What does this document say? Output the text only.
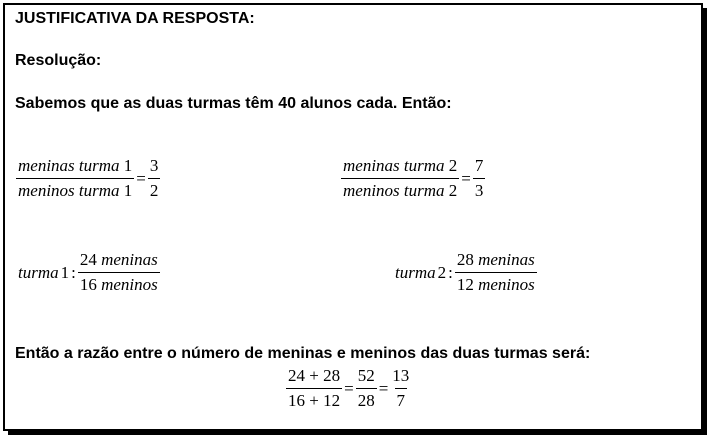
JUSTIFICATIVA DA RESPOSTA:
Resolução:
Sabemos que as duas turmas têm 40 alunos cada. Então:
$\frac{\text{meninas turma 1}}{\text{meninos turma 1}} = \frac{3}{2}$	$\frac{\text{meninas turma 2}}{\text{meninos turma 2}} = \frac{7}{3}$
turma 1 : $\frac{\text{24 meninas}}{\text{16 meninos}}$	turma 2 : $\frac{\text{28 meninas}}{\text{12 meninos}}$
Então a razão entre o número de meninas e meninos das duas turmas será:
$\frac{24 + 28}{16 + 12} = \frac{52}{28} = \frac{13}{7}$
